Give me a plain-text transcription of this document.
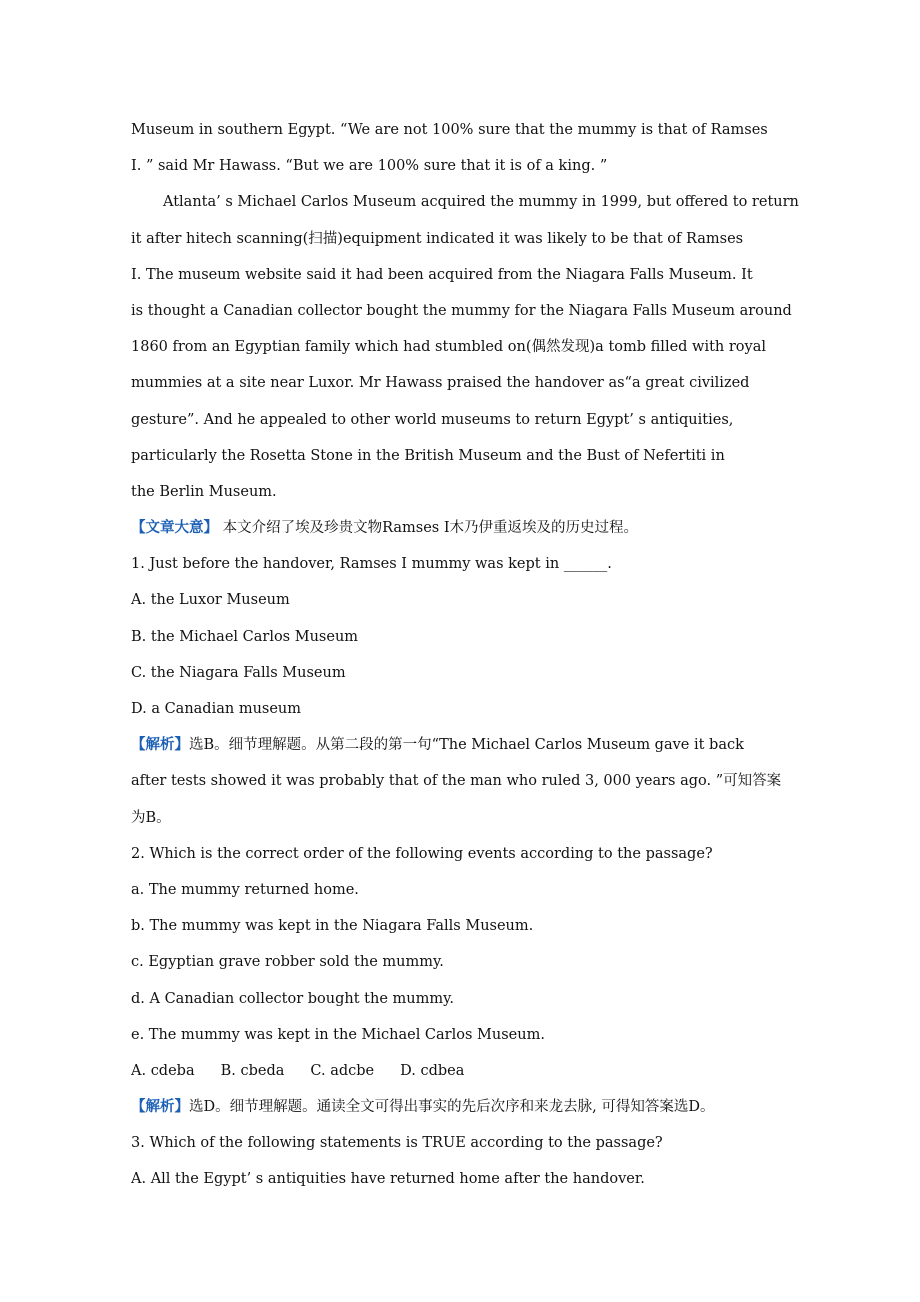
Museum in southern Egypt. “We are not 100% sure that the mummy is that of Ramses
Ⅰ. ” said Mr Hawass. “But we are 100% sure that it is of a king. ”
Atlanta’ s Michael Carlos Museum acquired the mummy in 1999, but offered to return
it after hitech scanning(扫描)equipment indicated it was likely to be that of Ramses
Ⅰ. The museum website said it had been acquired from the Niagara Falls Museum. It
is thought a Canadian collector bought the mummy for the Niagara Falls Museum around
1860 from an Egyptian family which had stumbled on(偶然发现)a tomb filled with royal
mummies at a site near Luxor. Mr Hawass praised the handover as“a great civilized
gesture”. And he appealed to other world museums to return Egypt’ s antiquities,
particularly the Rosetta Stone in the British Museum and the Bust of Nefertiti in
the Berlin Museum.
【文章大意】 本文介绍了埃及珍贵文物Ramses Ⅰ木乃伊重返埃及的历史过程。
1. Just before the handover, Ramses Ⅰ mummy was kept in ______.
A. the Luxor Museum
B. the Michael Carlos Museum
C. the Niagara Falls Museum
D. a Canadian museum
【解析】选B。细节理解题。从第二段的第一句“The Michael Carlos Museum gave it back
after tests showed it was probably that of the man who ruled 3, 000 years ago. ”可知答案
为B。
2. Which is the correct order of the following events according to the passage?
a. The mummy returned home.
b. The mummy was kept in the Niagara Falls Museum.
c. Egyptian grave robber sold the mummy.
d. A Canadian collector bought the mummy.
e. The mummy was kept in the Michael Carlos Museum.
A. cdeba B. cbeda C. adcbe D. cdbea
【解析】选D。细节理解题。通读全文可得出事实的先后次序和来龙去脉, 可得知答案选D。
3. Which of the following statements is TRUE according to the passage?
A. All the Egypt’ s antiquities have returned home after the handover.
